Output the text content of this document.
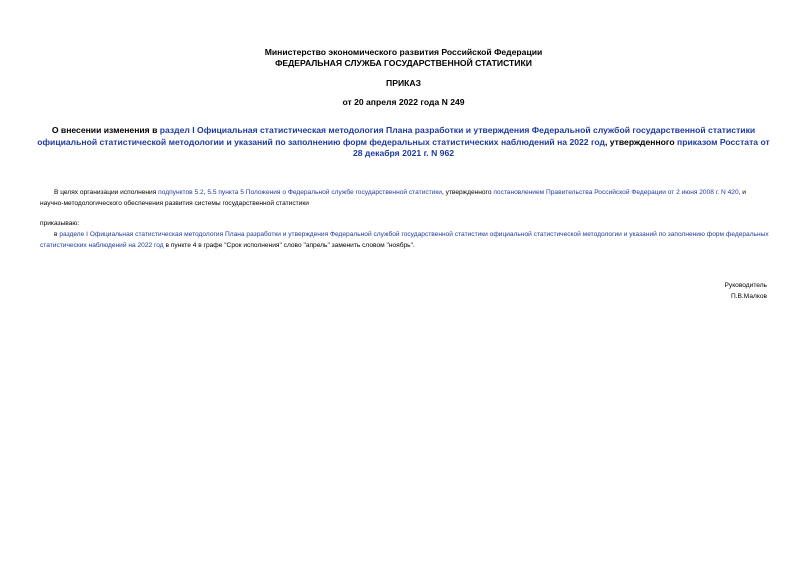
Министерство экономического развития Российской Федерации
ФЕДЕРАЛЬНАЯ СЛУЖБА ГОСУДАРСТВЕННОЙ СТАТИСТИКИ
ПРИКАЗ
от 20 апреля 2022 года N 249
О внесении изменения в раздел I Официальная статистическая методология Плана разработки и утверждения Федеральной службой государственной статистики официальной статистической методологии и указаний по заполнению форм федеральных статистических наблюдений на 2022 год, утвержденного приказом Росстата от 28 декабря 2021 г. N 962
В целях организации исполнения подпунктов 5.2, 5.5 пункта 5 Положения о Федеральной службе государственной статистики, утвержденного постановлением Правительства Российской Федерации от 2 июня 2008 г. N 420, и научно-методологического обеспечения развития системы государственной статистики
приказываю:
в разделе I Официальная статистическая методология Плана разработки и утверждения Федеральной службой государственной статистики официальной статистической методологии и указаний по заполнению форм федеральных статистических наблюдений на 2022 год в пункте 4 в графе "Срок исполнения" слово "апрель" заменить словом "ноябрь".
Руководитель
П.В.Малков
